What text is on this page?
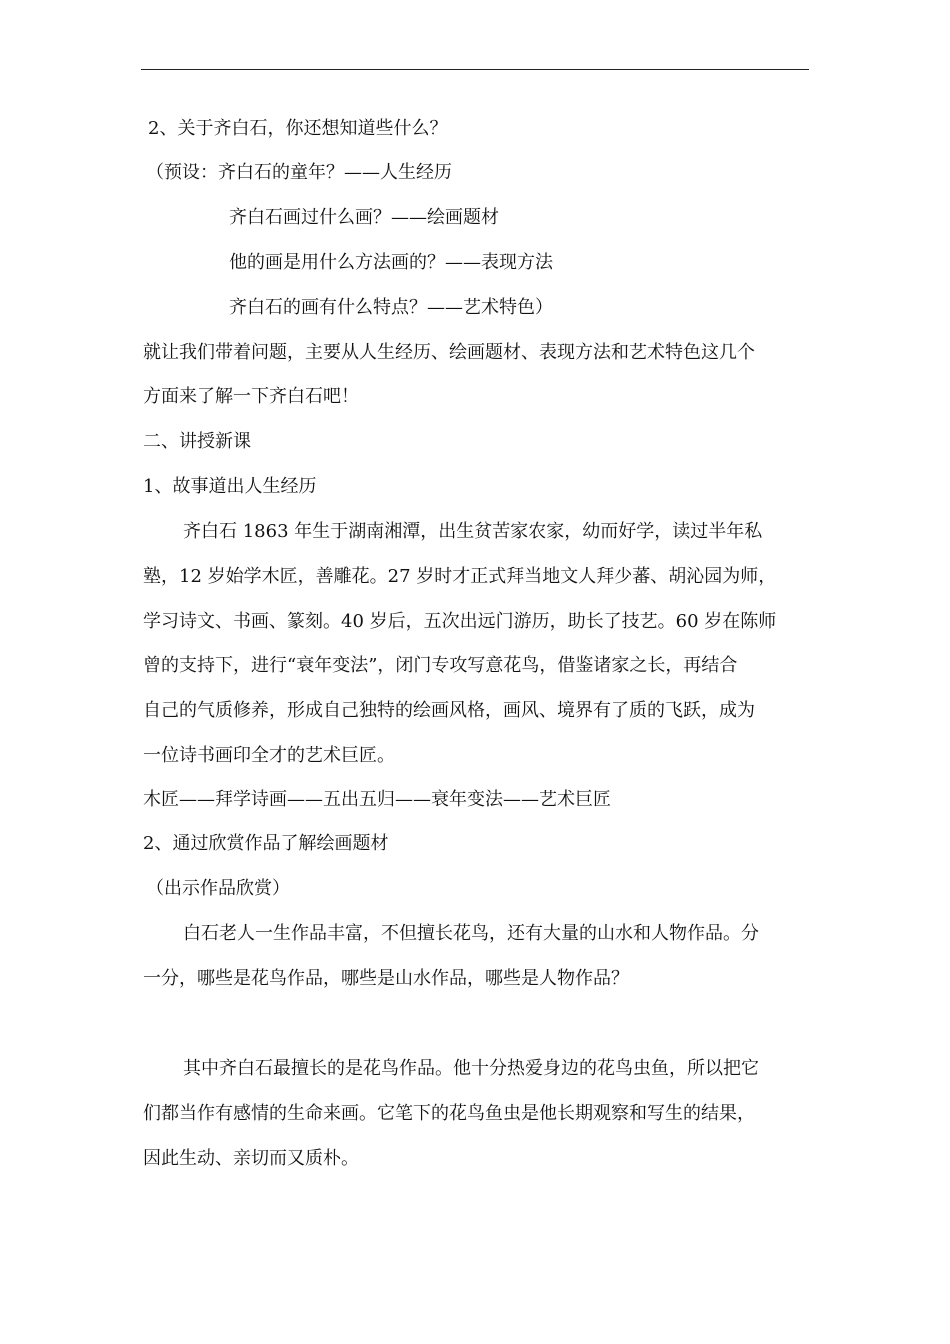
2、关于齐白石，你还想知道些什么？
（预设：齐白石的童年？——人生经历
齐白石画过什么画？——绘画题材
他的画是用什么方法画的？——表现方法
齐白石的画有什么特点？——艺术特色）
就让我们带着问题，主要从人生经历、绘画题材、表现方法和艺术特色这几个
方面来了解一下齐白石吧！
二、讲授新课
1、故事道出人生经历
齐白石 1863 年生于湖南湘潭，出生贫苦家农家，幼而好学，读过半年私
塾，12 岁始学木匠，善雕花。27 岁时才正式拜当地文人拜少蕃、胡沁园为师，
学习诗文、书画、篆刻。40 岁后，五次出远门游历，助长了技艺。60 岁在陈师
曾的支持下，进行“衰年变法”，闭门专攻写意花鸟，借鉴诸家之长，再结合
自己的气质修养，形成自己独特的绘画风格，画风、境界有了质的飞跃，成为
一位诗书画印全才的艺术巨匠。
木匠——拜学诗画——五出五归——衰年变法——艺术巨匠
2、通过欣赏作品了解绘画题材
（出示作品欣赏）
白石老人一生作品丰富，不但擅长花鸟，还有大量的山水和人物作品。分
一分，哪些是花鸟作品，哪些是山水作品，哪些是人物作品？
其中齐白石最擅长的是花鸟作品。他十分热爱身边的花鸟虫鱼，所以把它
们都当作有感情的生命来画。它笔下的花鸟鱼虫是他长期观察和写生的结果，
因此生动、亲切而又质朴。
